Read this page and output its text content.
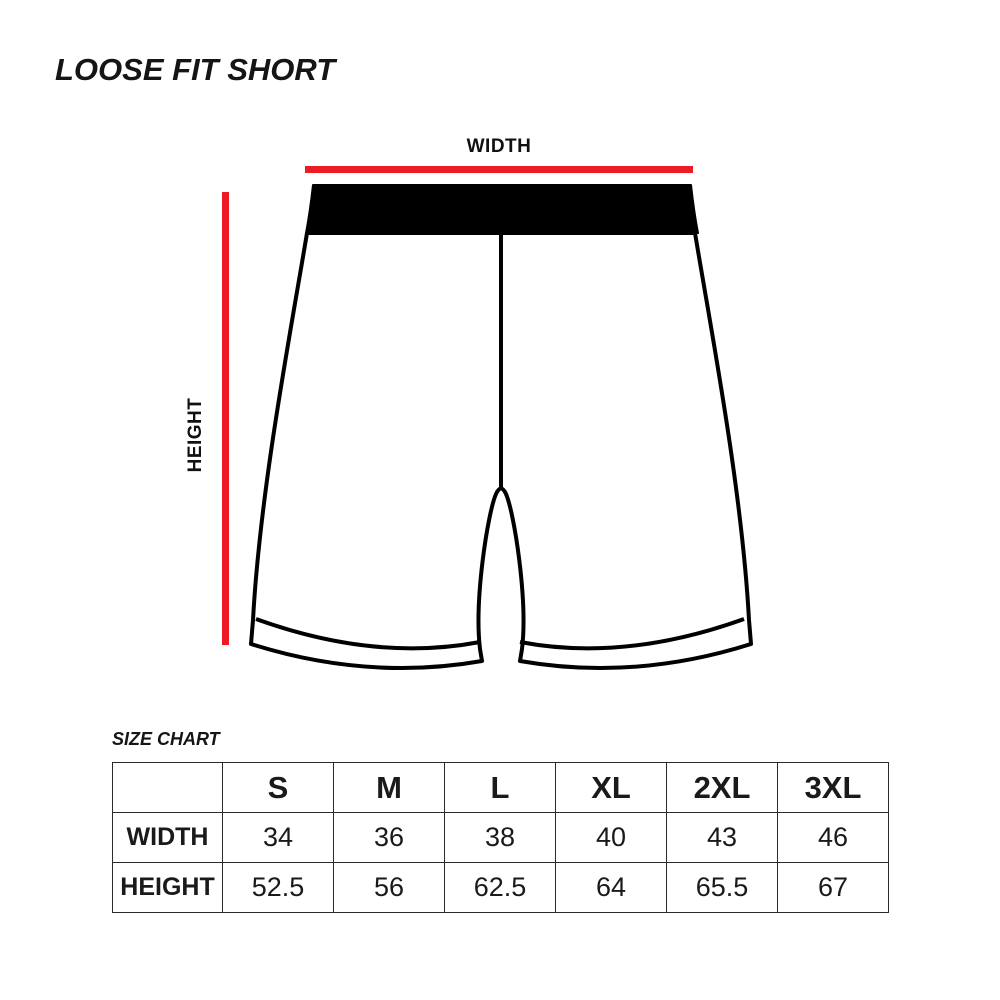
LOOSE FIT SHORT
WIDTH
HEIGHT
SIZE CHART
	S	M	L	XL	2XL	3XL
WIDTH	34	36	38	40	43	46
HEIGHT	52.5	56	62.5	64	65.5	67
